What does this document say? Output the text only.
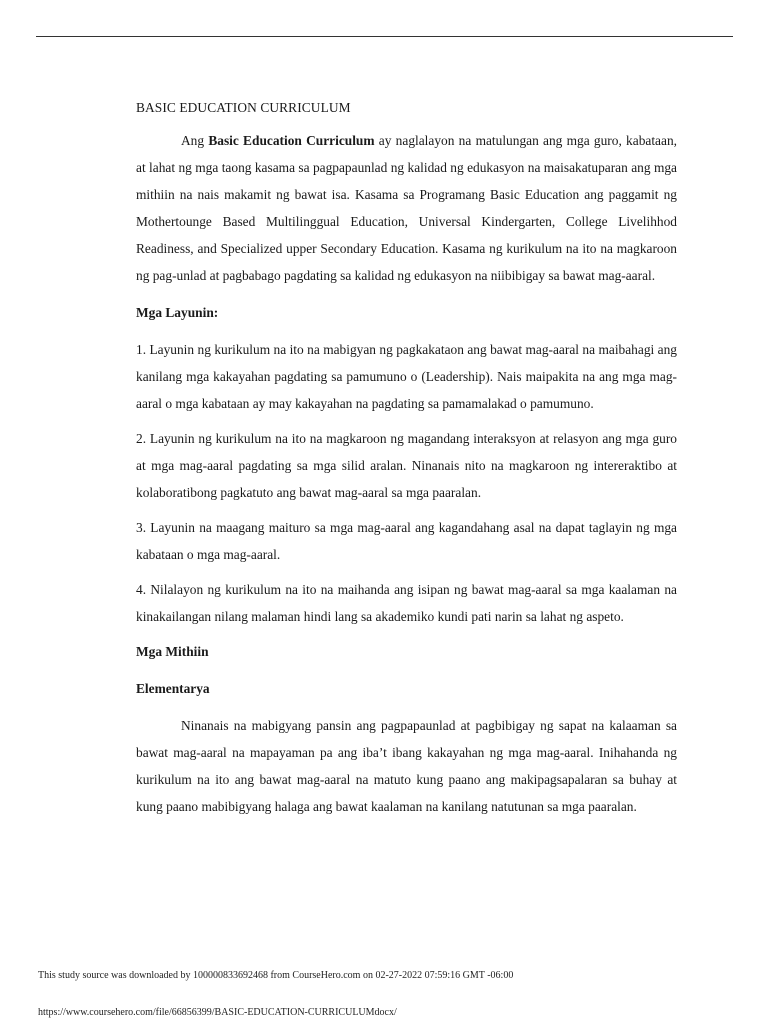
BASIC EDUCATION CURRICULUM

Ang Basic Education Curriculum ay naglalayon na matulungan ang mga guro, kabataan, at lahat ng mga taong kasama sa pagpapaunlad ng kalidad ng edukasyon na maisakatuparan ang mga mithiin na nais makamit ng bawat isa. Kasama sa Programang Basic Education ang paggamit ng Mothertounge Based Multilinggual Education, Universal Kindergarten, College Livelihhod Readiness, and Specialized upper Secondary Education. Kasama ng kurikulum na ito na magkaroon ng pag-unlad at pagbabago pagdating sa kalidad ng edukasyon na niibibigay sa bawat mag-aaral.

Mga Layunin:

1. Layunin ng kurikulum na ito na mabigyan ng pagkakataon ang bawat mag-aaral na maibahagi ang kanilang mga kakayahan pagdating sa pamumuno o (Leadership). Nais maipakita na ang mga mag-aaral o mga kabataan ay may kakayahan na pagdating sa pamamalakad o pamumuno.

2. Layunin ng kurikulum na ito na magkaroon ng magandang interaksyon at relasyon ang mga guro at mga mag-aaral pagdating sa mga silid aralan. Ninanais nito na magkaroon ng intereraktibo at kolaboratibong pagkatuto ang bawat mag-aaral sa mga paaralan.

3. Layunin na maagang maituro sa mga mag-aaral ang kagandahang asal na dapat taglayin ng mga kabataan o mga mag-aaral.

4. Nilalayon ng kurikulum na ito na maihanda ang isipan ng bawat mag-aaral sa mga kaalaman na kinakailangan nilang malaman hindi lang sa akademiko kundi pati narin sa lahat ng aspeto.

Mga Mithiin

Elementarya

Ninanais na mabigyang pansin ang pagpapaunlad at pagbibigay ng sapat na kalaaman sa bawat mag-aaral na mapayaman pa ang iba’t ibang kakayahan ng mga mag-aaral. Inihahanda ng kurikulum na ito ang bawat mag-aaral na matuto kung paano ang makipagsapalaran sa buhay at kung paano mabibigyang halaga ang bawat kaalaman na kanilang natutunan sa mga paaralan.

This study source was downloaded by 100000833692468 from CourseHero.com on 02-27-2022 07:59:16 GMT -06:00
https://www.coursehero.com/file/66856399/BASIC-EDUCATION-CURRICULUMdocx/
